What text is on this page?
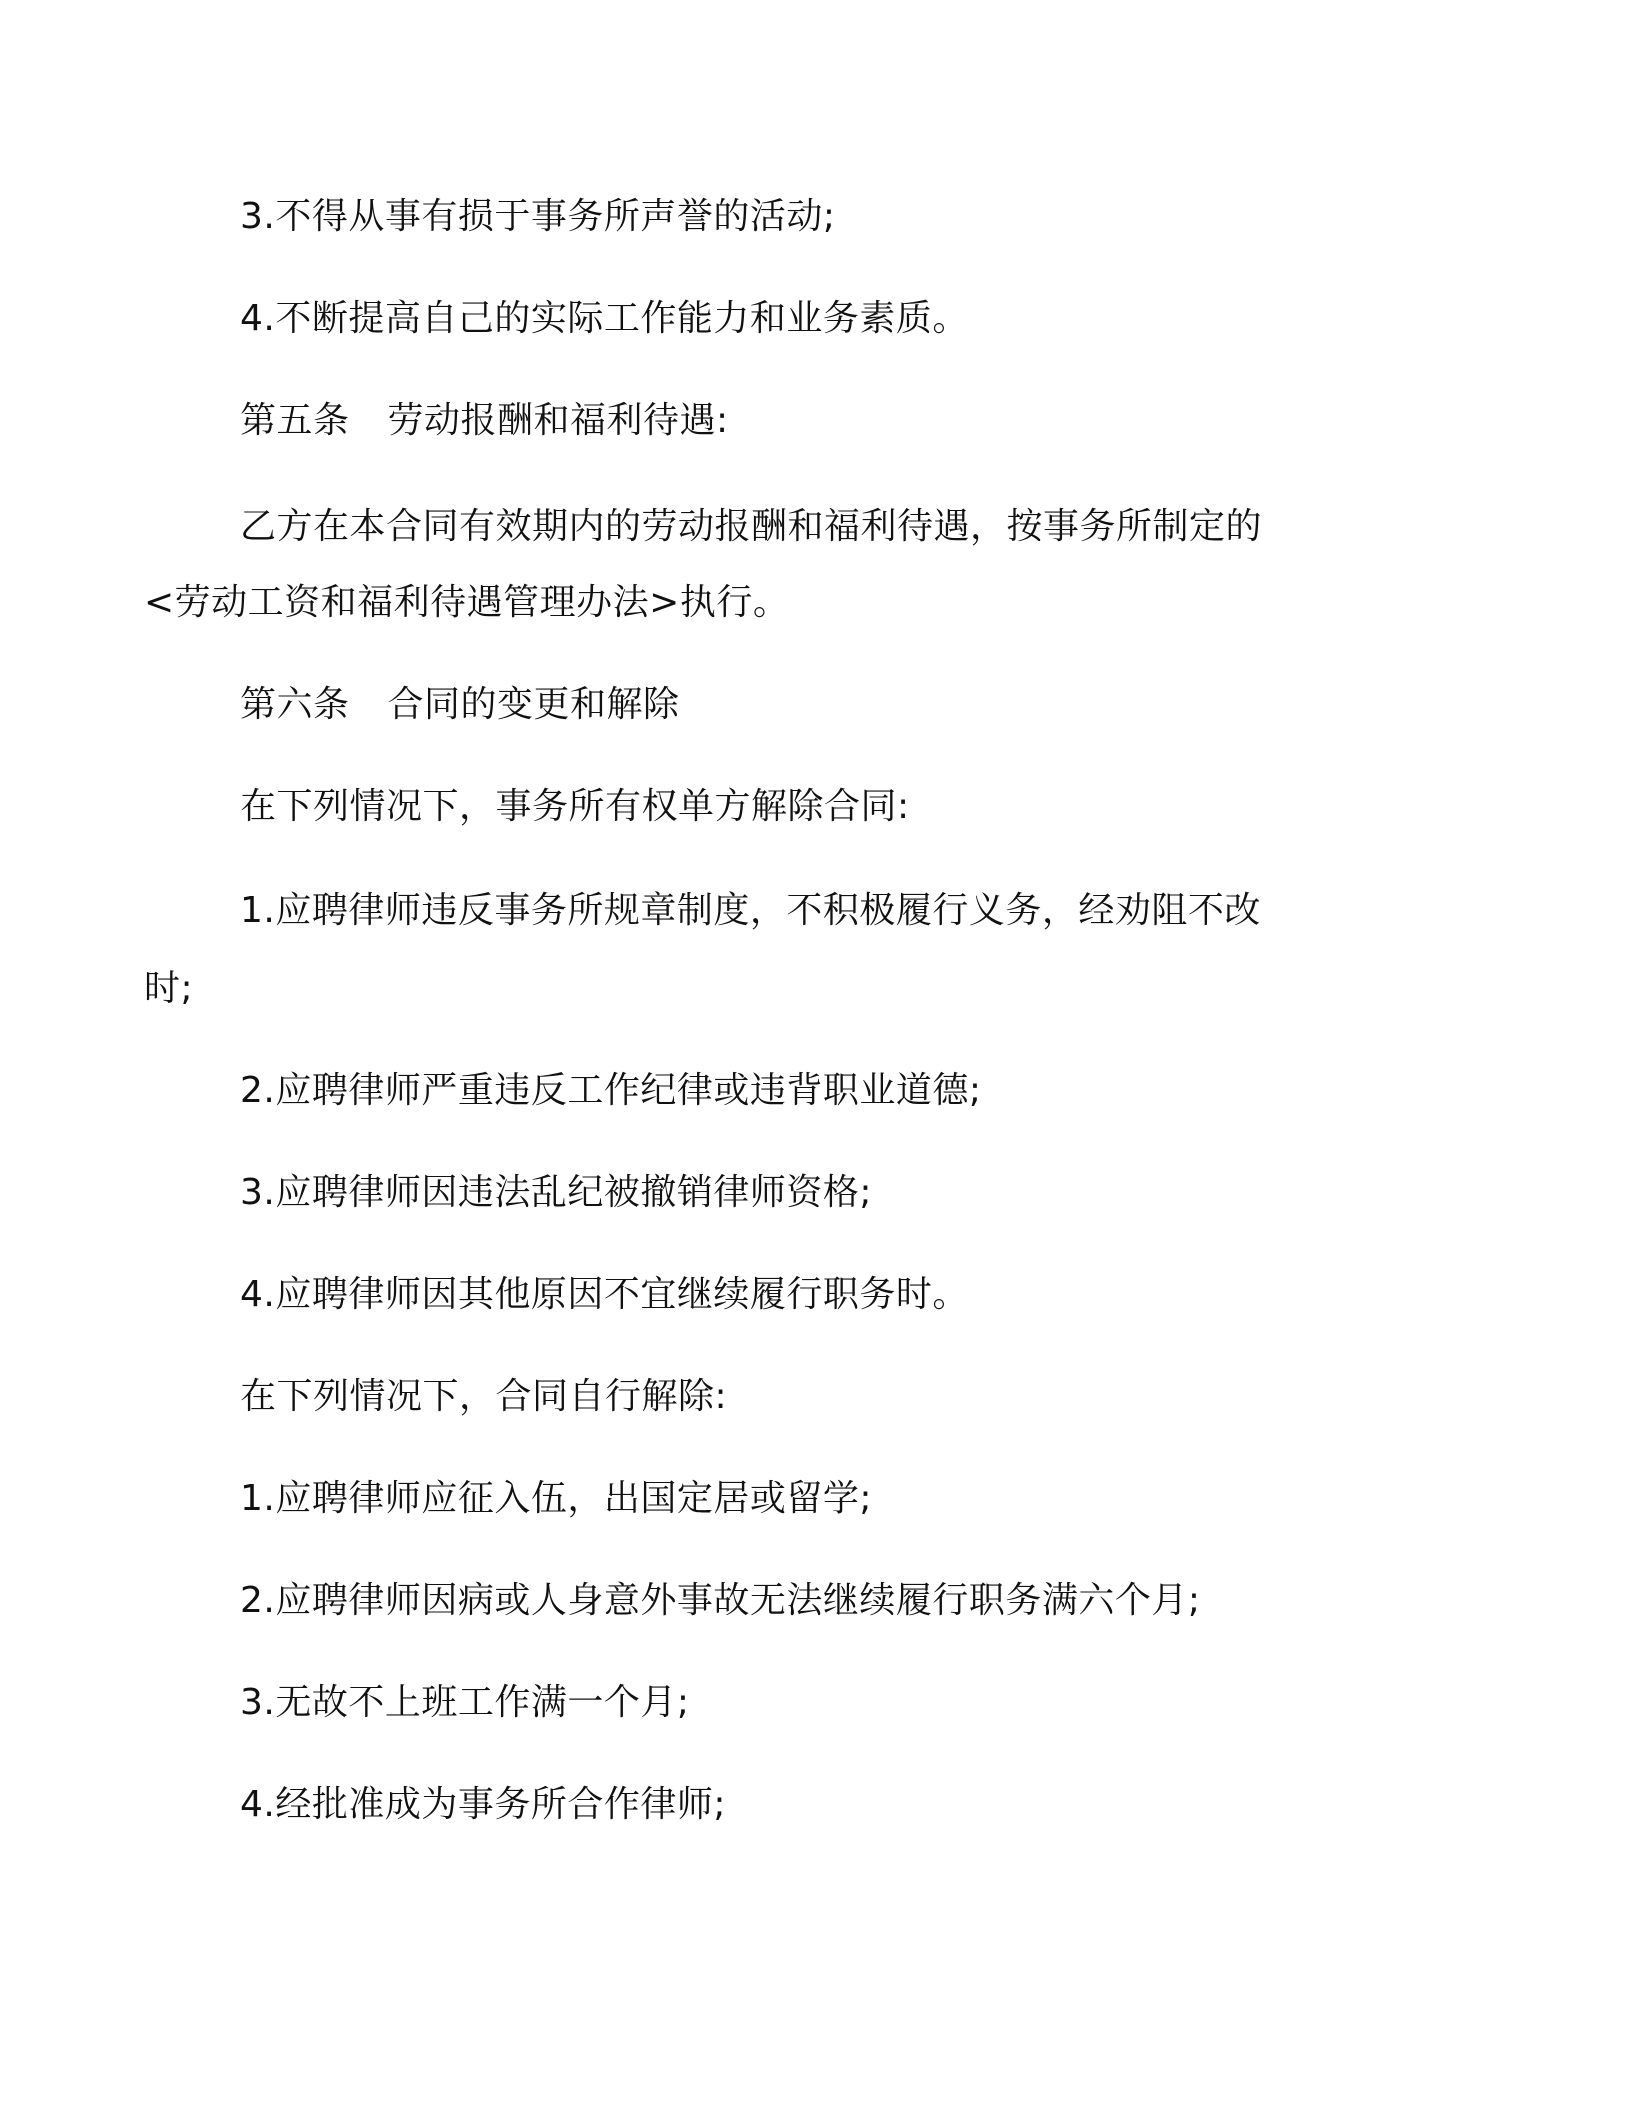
3.不得从事有损于事务所声誉的活动;

4.不断提高自己的实际工作能力和业务素质。

第五条 劳动报酬和福利待遇:

乙方在本合同有效期内的劳动报酬和福利待遇，按事务所制定的
<劳动工资和福利待遇管理办法>执行。

第六条 合同的变更和解除

在下列情况下，事务所有权单方解除合同:

1.应聘律师违反事务所规章制度，不积极履行义务，经劝阻不改
时;

2.应聘律师严重违反工作纪律或违背职业道德;

3.应聘律师因违法乱纪被撤销律师资格;

4.应聘律师因其他原因不宜继续履行职务时。

在下列情况下，合同自行解除:

1.应聘律师应征入伍，出国定居或留学;

2.应聘律师因病或人身意外事故无法继续履行职务满六个月;

3.无故不上班工作满一个月;

4.经批准成为事务所合作律师;
